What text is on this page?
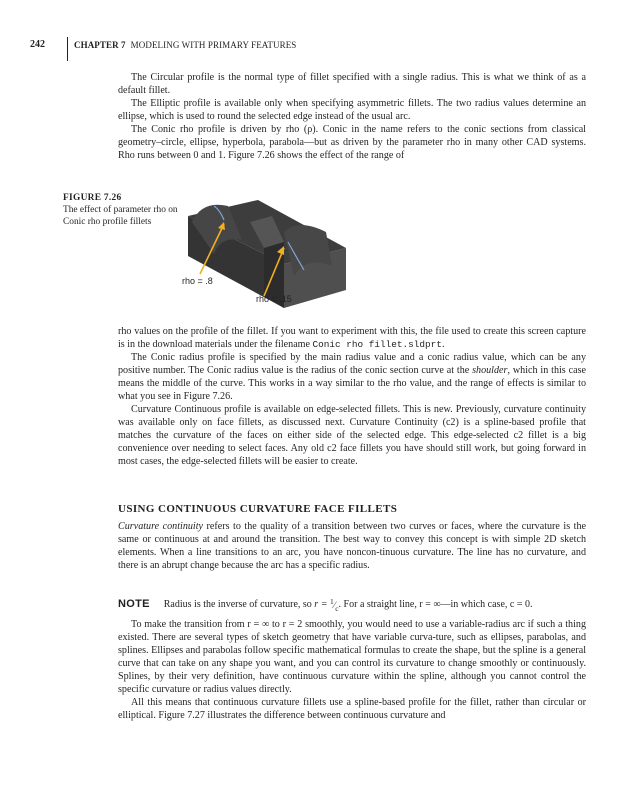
242	CHAPTER 7 MODELING WITH PRIMARY FEATURES

The Circular profile is the normal type of fillet specified with a single radius. This is what we think of as a default fillet.

The Elliptic profile is available only when specifying asymmetric fillets. The two radius values determine an ellipse, which is used to round the selected edge instead of the usual arc.

The Conic rho profile is driven by rho (ρ). Conic in the name refers to the conic sections from classical geometry–circle, ellipse, hyperbola, parabola—but as driven by the parameter rho in many other CAD systems. Rho runs between 0 and 1. Figure 7.26 shows the effect of the range of

FIGURE 7.26
The effect of parameter rho on Conic rho profile fillets
rho = .8
rho = .15

rho values on the profile of the fillet. If you want to experiment with this, the file used to create this screen capture is in the download materials under the filename Conic rho fillet.sldprt.

The Conic radius profile is specified by the main radius value and a conic radius value, which can be any positive number. The Conic radius value is the radius of the conic section curve at the shoulder, which in this case means the middle of the curve. This works in a way similar to the rho value, and the range of effects is similar to what you see in Figure 7.26.

Curvature Continuous profile is available on edge-selected fillets. This is new. Previously, curvature continuity was available only on face fillets, as discussed next. Curvature Continuity (c2) is a spline-based profile that matches the curvature of the faces on either side of the selected edge. This edge-selected c2 fillet is a big convenience over needing to select faces. Any old c2 face fillets you have should still work, but going forward in most cases, the edge-selected fillets will be easier to create.

USING CONTINUOUS CURVATURE FACE FILLETS

Curvature continuity refers to the quality of a transition between two curves or faces, where the curvature is the same or continuous at and around the transition. The best way to convey this concept is with simple 2D sketch elements. When a line transitions to an arc, you have noncon-tinuous curvature. The line has no curvature, and there is an abrupt change because the arc has a specific radius.

NOTE Radius is the inverse of curvature, so $r = ^1⁄_c$. For a straight line, r = ∞—in which case, c = 0.

To make the transition from r = ∞ to r = 2 smoothly, you would need to use a variable-radius arc if such a thing existed. There are several types of sketch geometry that have variable curva-ture, such as ellipses, parabolas, and splines. Ellipses and parabolas follow specific mathematical formulas to create the shape, but the spline is a general curve that can take on any shape you want, and you can control its curvature to change smoothly or continuously. Splines, by their very definition, have continuous curvature within the spline, although you cannot control the specific curvature or radius values directly.

All this means that continuous curvature fillets use a spline-based profile for the fillet, rather than circular or elliptical. Figure 7.27 illustrates the difference between continuous curvature and
